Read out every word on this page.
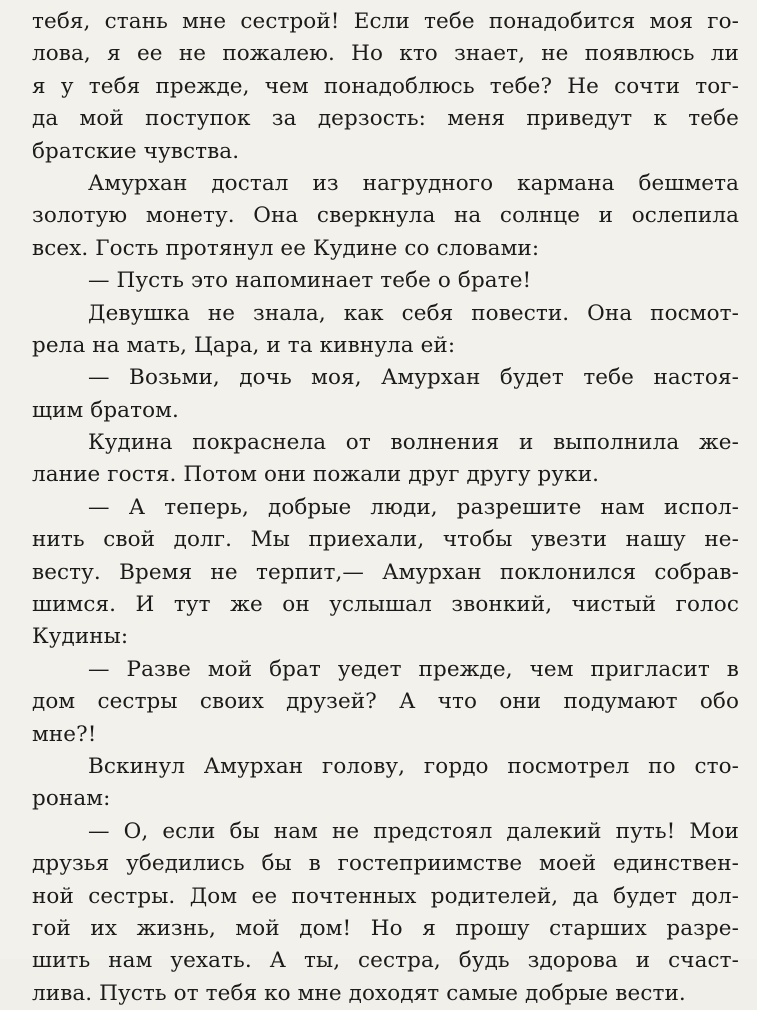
тебя, стань мне сестрой! Если тебе понадобится моя го-
лова, я ее не пожалею. Но кто знает, не появлюсь ли
я у тебя прежде, чем понадоблюсь тебе? Не сочти тог-
да мой поступок за дерзость: меня приведут к тебе
братские чувства.
Амурхан достал из нагрудного кармана бешмета
золотую монету. Она сверкнула на солнце и ослепила
всех. Гость протянул ее Кудине со словами:
— Пусть это напоминает тебе о брате!
Девушка не знала, как себя повести. Она посмот-
рела на мать, Цара, и та кивнула ей:
— Возьми, дочь моя, Амурхан будет тебе настоя-
щим братом.
Кудина покраснела от волнения и выполнила же-
лание гостя. Потом они пожали друг другу руки.
— А теперь, добрые люди, разрешите нам испол-
нить свой долг. Мы приехали, чтобы увезти нашу не-
весту. Время не терпит,— Амурхан поклонился собрав-
шимся. И тут же он услышал звонкий, чистый голос
Кудины:
— Разве мой брат уедет прежде, чем пригласит в
дом сестры своих друзей? А что они подумают обо
мне?!
Вскинул Амурхан голову, гордо посмотрел по сто-
ронам:
— О, если бы нам не предстоял далекий путь! Мои
друзья убедились бы в гостеприимстве моей единствен-
ной сестры. Дом ее почтенных родителей, да будет дол-
гой их жизнь, мой дом! Но я прошу старших разре-
шить нам уехать. А ты, сестра, будь здорова и счаст-
лива. Пусть от тебя ко мне доходят самые добрые вести.
